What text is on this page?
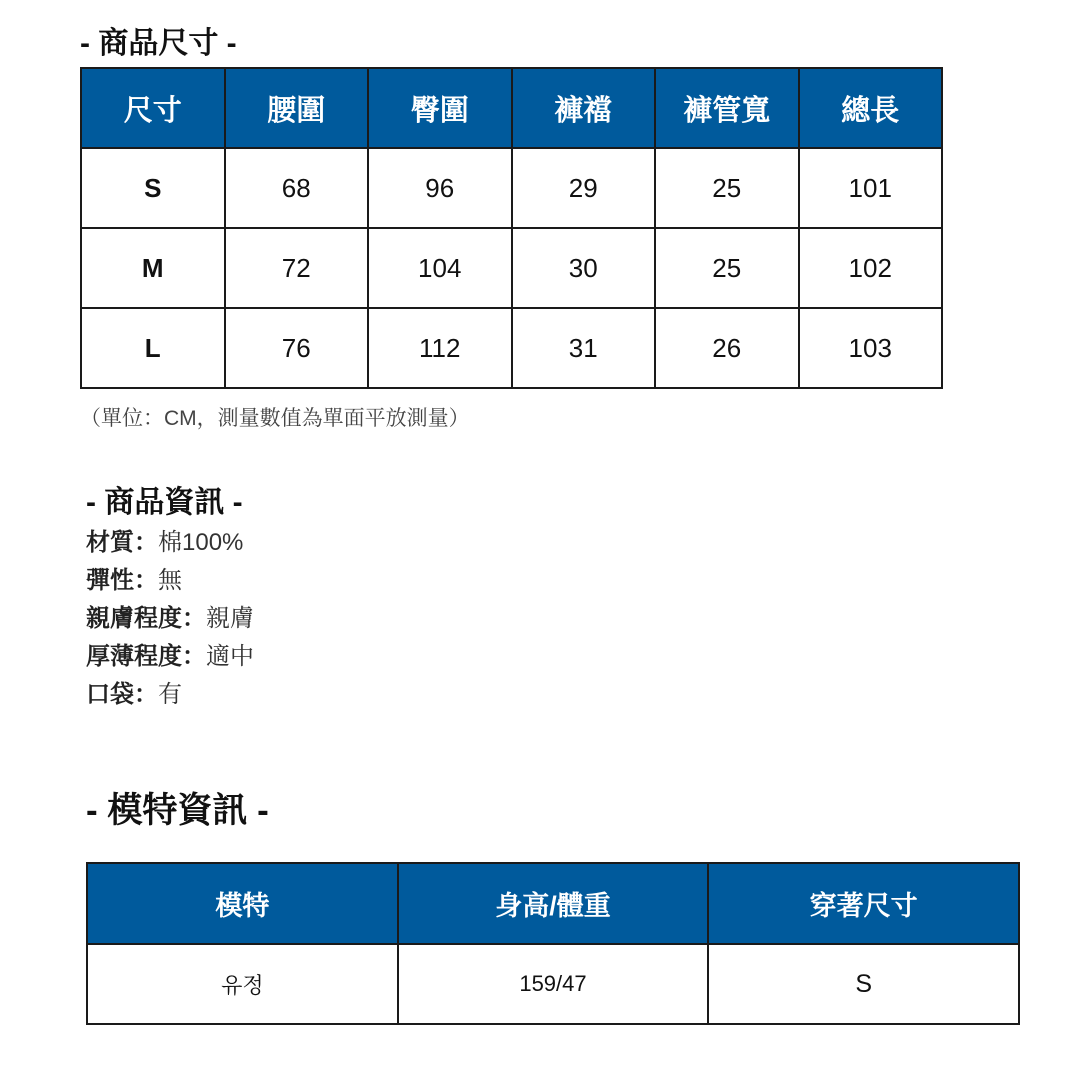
- 商品尺寸 -
尺寸	腰圍	臀圍	褲襠	褲管寬	總長
S	68	96	29	25	101
M	72	104	30	25	102
L	76	112	31	26	103
（單位：CM，測量數值為單面平放測量）
- 商品資訊 -
材質：棉100%
彈性：無
親膚程度：親膚
厚薄程度：適中
口袋：有
- 模特資訊 -
模特	身高/體重	穿著尺寸
유정	159/47	S
